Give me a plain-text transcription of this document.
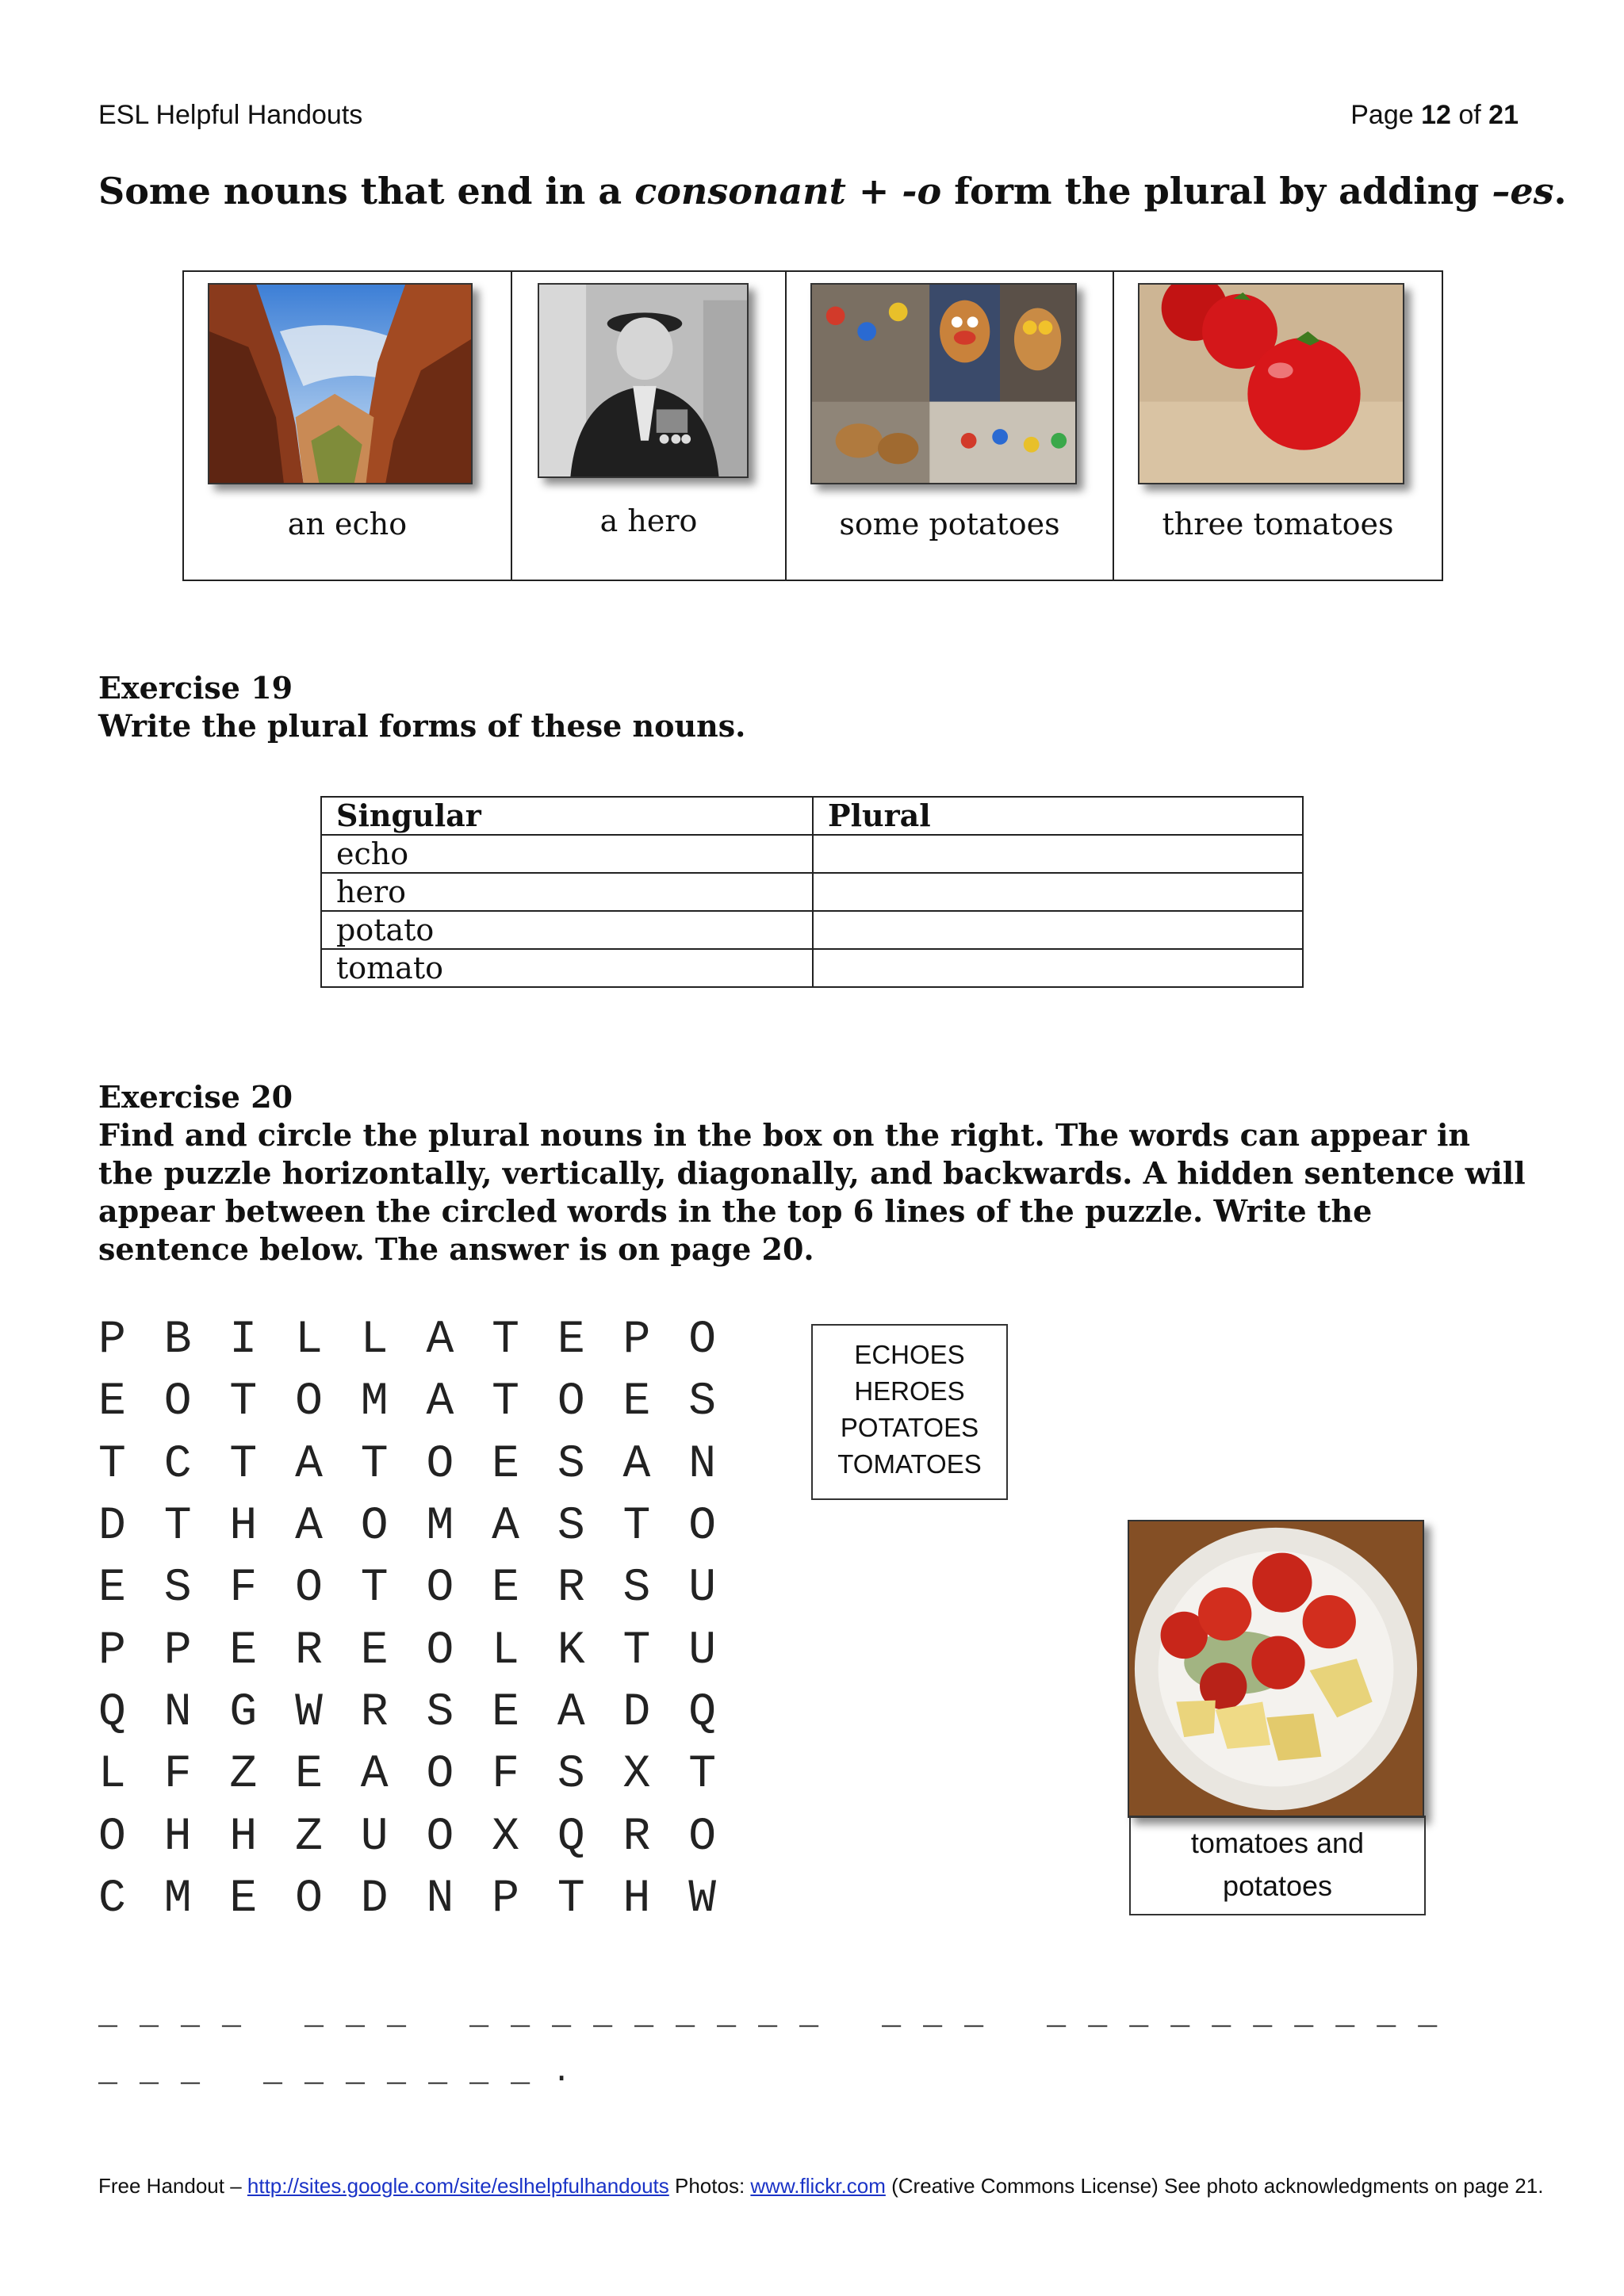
ESL Helpful Handouts	Page 12 of 21
Some nouns that end in a consonant + -o form the plural by adding –es.
an echo	a hero	some potatoes	three tomatoes
Exercise 19
Write the plural forms of these nouns.
Singular	Plural
echo	
hero	
potato	
tomato	
Exercise 20
Find and circle the plural nouns in the box on the right. The words can appear in the puzzle horizontally, vertically, diagonally, and backwards. A hidden sentence will appear between the circled words in the top 6 lines of the puzzle. Write the sentence below. The answer is on page 20.
P B I L L A T E P O
E O T O M A T O E S
T C T A T O E S A N
D T H A O M A S T O
E S F O T O E R S U
P P E R E O L K T U
Q N G W R S E A D Q
L F Z E A O F S X T
O H H Z U O X Q R O
C M E O D N P T H W
ECHOES
HEROES
POTATOES
TOMATOES
tomatoes and
potatoes
_ _ _ _   _ _ _   _ _ _ _ _ _ _ _ _   _ _ _   _ _ _ _ _ _ _ _ _ _
_ _ _   _ _ _ _ _ _ _ .
Free Handout – http://sites.google.com/site/eslhelpfulhandouts Photos: www.flickr.com (Creative Commons License) See photo acknowledgments on page 21.
